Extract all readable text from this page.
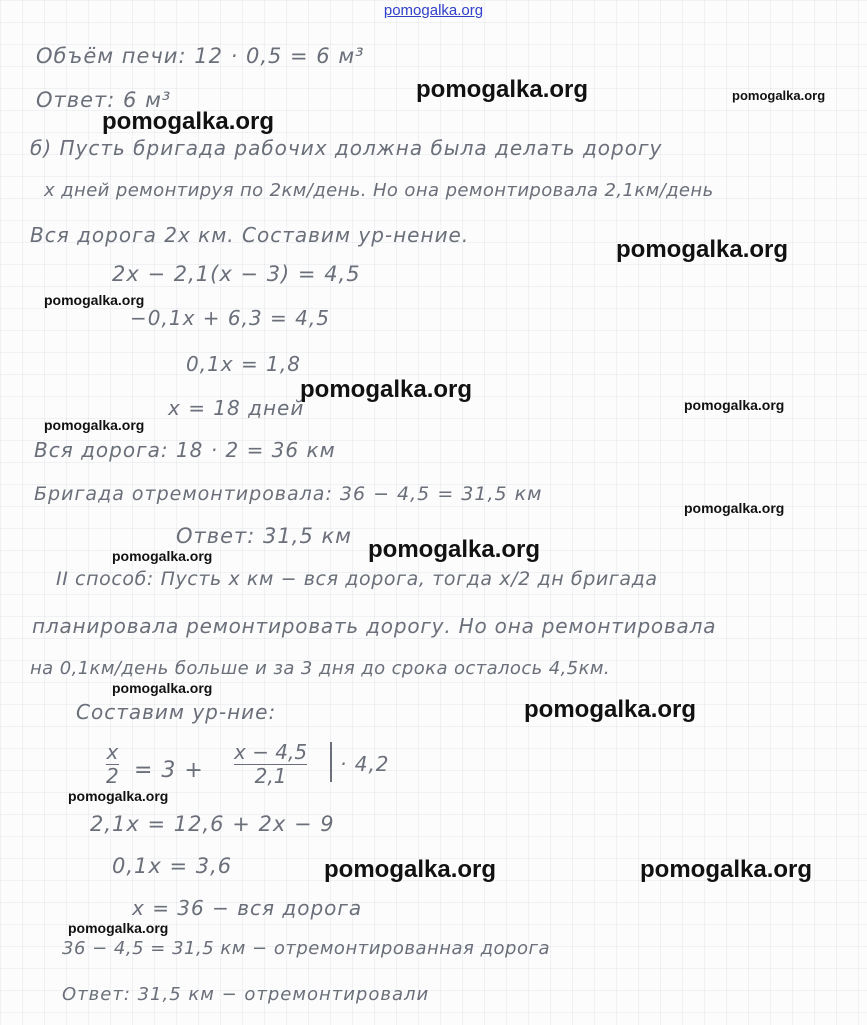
pomogalka.org
Объём печи: 12 · 0,5 = 6 м³
Ответ: 6 м³
б) Пусть бригада рабочих должна была делать дорогу
x дней ремонтируя по 2км/день. Но она ремонтировала 2,1км/день
Вся дорога 2x км. Составим ур-нение.
2x − 2,1(x − 3) = 4,5
−0,1x + 6,3 = 4,5
0,1x = 1,8
x = 18 дней
Вся дорога: 18 · 2 = 36 км
Бригада отремонтировала: 36 − 4,5 = 31,5 км
Ответ: 31,5 км
II способ: Пусть x км − вся дорога, тогда x/2 дн бригада
планировала ремонтировать дорогу. Но она ремонтировала
на 0,1км/день больше и за 3 дня до срока осталось 4,5км.
Составим ур-ние:
x
2 = 3 +
x − 4,5
2,1	· 4,2
2,1x = 12,6 + 2x − 9
0,1x = 3,6
x = 36 − вся дорога
36 − 4,5 = 31,5 км − отремонтированная дорога
Ответ: 31,5 км − отремонтировали
pomogalka.org	pomogalka.org
pomogalka.org
pomogalka.org
pomogalka.org
pomogalka.org
pomogalka.org
pomogalka.org
pomogalka.org
pomogalka.org
pomogalka.org
pomogalka.org
pomogalka.org
pomogalka.org
pomogalka.org	pomogalka.org
pomogalka.org
